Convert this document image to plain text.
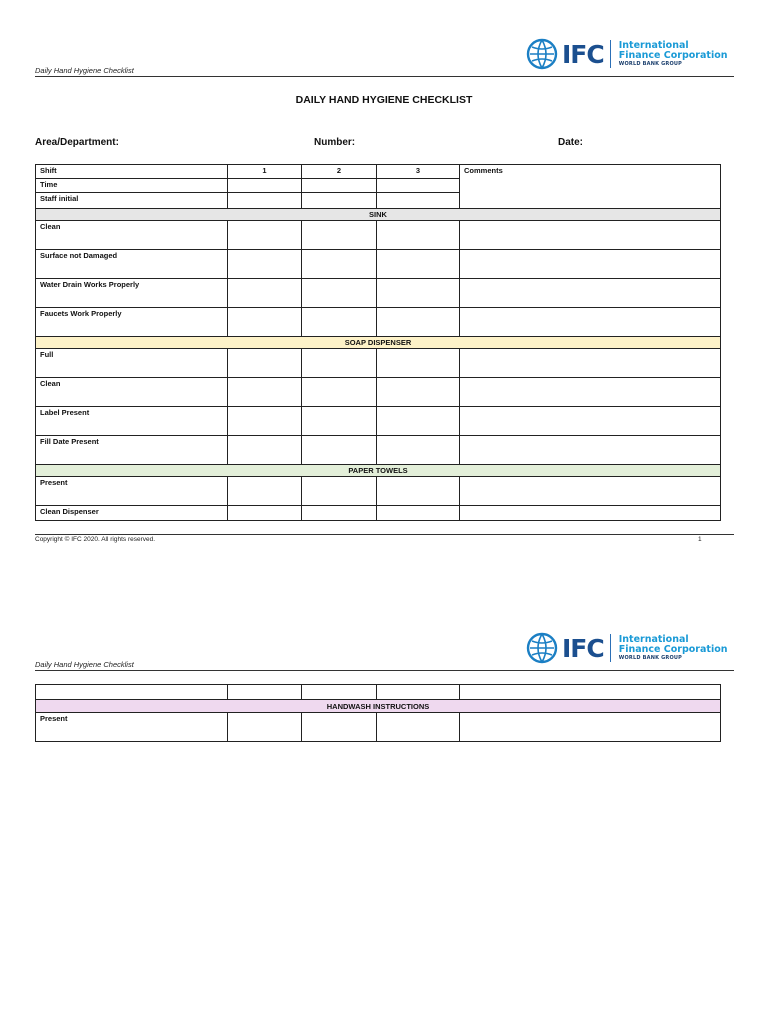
IFC International
Finance Corporation
WORLD BANK GROUP
Daily Hand Hygiene Checklist
DAILY HAND HYGIENE CHECKLIST
Area/Department:	Number:	Date:
Shift	1	2	3	Comments
Time				
Staff initial				
SINK				
Clean				
Surface not Damaged				
Water Drain Works Properly				
Faucets Work Properly				
SOAP DISPENSER				
Full				
Clean				
Label Present				
Fill Date Present				
PAPER TOWELS				
Present				
Clean Dispenser				
Copyright © IFC 2020. All rights reserved.	1
IFC International
Finance Corporation
WORLD BANK GROUP
Daily Hand Hygiene Checklist

HANDWASH INSTRUCTIONS				
Present				
